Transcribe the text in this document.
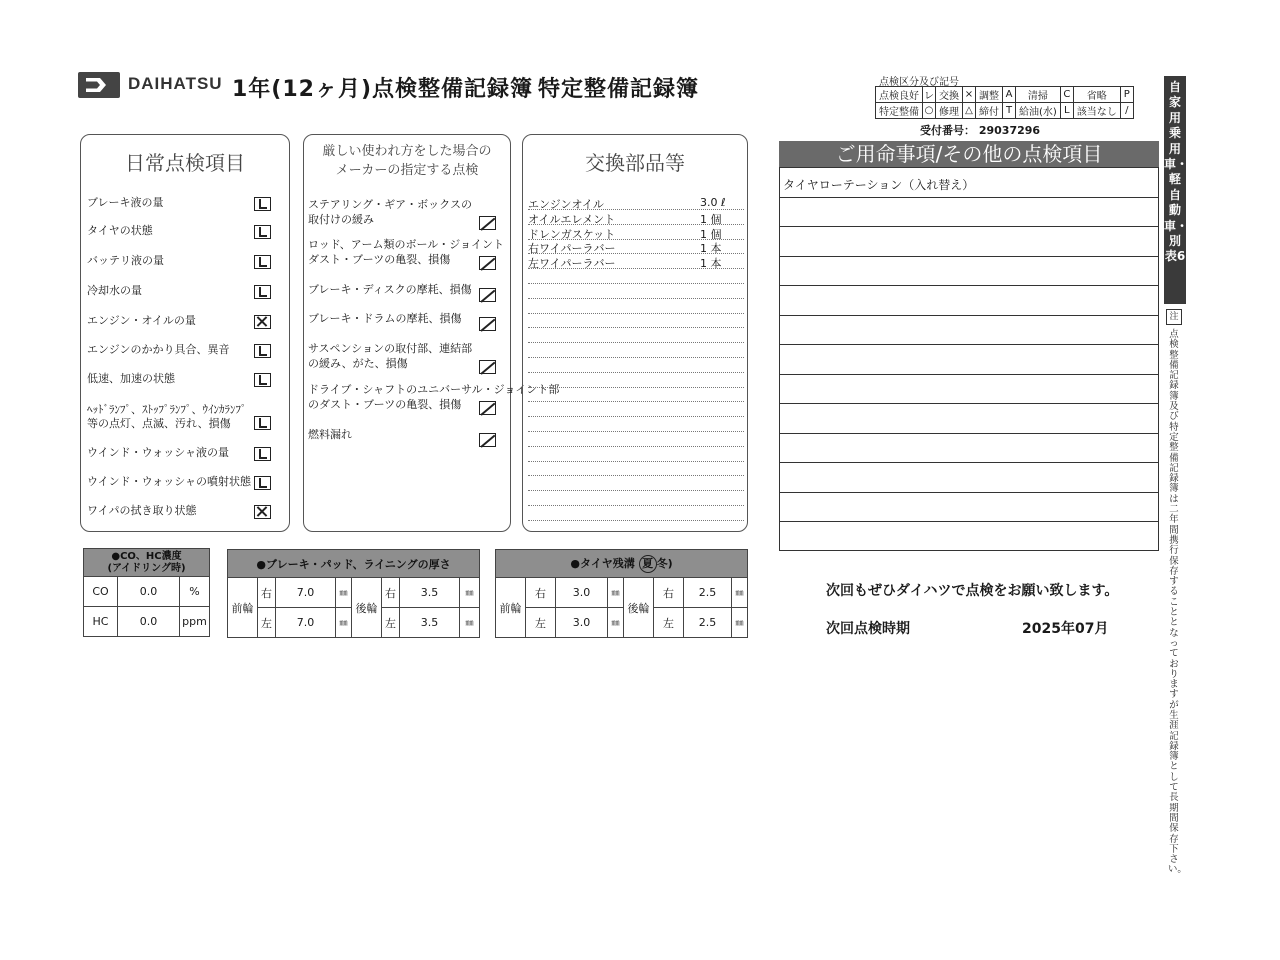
DAIHATSU 1年(12ヶ月)点検整備記録簿 特定整備記録簿	点検区分及び記号
点検良好	レ	交換	×	調整	A	清掃	C	省略	P
特定整備	○	修理	△	締付	T	給油(水)	L	該当なし	/
受付番号： 29037296
自家用乗用車・軽自動車・別表6
注
点検整備記録簿及び特定整備記録簿は二年間携行保存することとなっておりますが生涯記録簿として長期間保存下さい。
日常点検項目
ブレーキ液の量
タイヤの状態
バッテリ液の量
冷却水の量
エンジン・オイルの量
エンジンのかかり具合、異音
低速、加速の状態
ﾍｯﾄﾞﾗﾝﾌﾟ、ｽﾄｯﾌﾟﾗﾝﾌﾟ、ｳｲﾝｶﾗﾝﾌﾟ
等の点灯、点滅、汚れ、損傷
ウインド・ウォッシャ液の量
ウインド・ウォッシャの噴射状態
ワイパの拭き取り状態
厳しい使われ方をした場合の
メーカーの指定する点検
ステアリング・ギア・ボックスの
取付けの緩み
ロッド、アーム類のボール・ジョイント
ダスト・ブーツの亀裂、損傷
ブレーキ・ディスクの摩耗、損傷
ブレーキ・ドラムの摩耗、損傷
サスペンションの取付部、連結部
の緩み、がた、損傷
ドライブ・シャフトのユニバーサル・ジョイント部
のダスト・ブーツの亀裂、損傷
燃料漏れ
交換部品等
エンジンオイル	3.0 ℓ
オイルエレメント	1 個
ドレンガスケット	1 個
右ワイパーラバー	1 本
左ワイパーラバー	1 本
ご用命事項/その他の点検項目
タイヤローテーション（入れ替え）
●CO、HC濃度
(アイドリング時)		

CO	0.0	%
HC	0.0	ppm
●ブレーキ・パッド、ライニングの厚さ							
前輪	右	7.0	㎜	後輪	右	3.5	㎜
	左	7.0	㎜		左	3.5	㎜
●タイヤ残溝 夏 冬)							
前輪	右	3.0	㎜	後輪	右	2.5	㎜
	左	3.0	㎜		左	2.5	㎜
次回もぜひダイハツで点検をお願い致します。
次回点検時期	2025年07月
